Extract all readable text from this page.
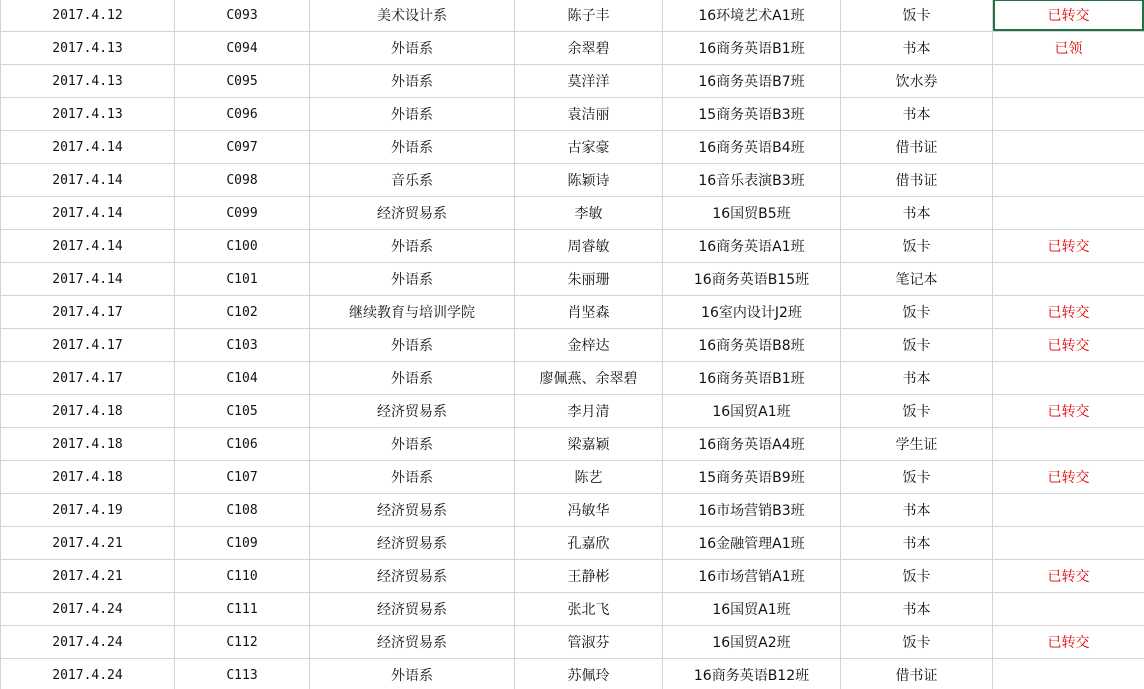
2017.4.12	C093	美术设计系	陈子丰	16环境艺术A1班	饭卡	已转交
2017.4.13	C094	外语系	余翠碧	16商务英语B1班	书本	已领
2017.4.13	C095	外语系	莫洋洋	16商务英语B7班	饮水券	
2017.4.13	C096	外语系	袁洁丽	15商务英语B3班	书本	
2017.4.14	C097	外语系	古家豪	16商务英语B4班	借书证	
2017.4.14	C098	音乐系	陈颖诗	16音乐表演B3班	借书证	
2017.4.14	C099	经济贸易系	李敏	16国贸B5班	书本	
2017.4.14	C100	外语系	周睿敏	16商务英语A1班	饭卡	已转交
2017.4.14	C101	外语系	朱丽珊	16商务英语B15班	笔记本	
2017.4.17	C102	继续教育与培训学院	肖坚森	16室内设计J2班	饭卡	已转交
2017.4.17	C103	外语系	金梓达	16商务英语B8班	饭卡	已转交
2017.4.17	C104	外语系	廖佩燕、余翠碧	16商务英语B1班	书本	
2017.4.18	C105	经济贸易系	李月清	16国贸A1班	饭卡	已转交
2017.4.18	C106	外语系	梁嘉颖	16商务英语A4班	学生证	
2017.4.18	C107	外语系	陈艺	15商务英语B9班	饭卡	已转交
2017.4.19	C108	经济贸易系	冯敏华	16市场营销B3班	书本	
2017.4.21	C109	经济贸易系	孔嘉欣	16金融管理A1班	书本	
2017.4.21	C110	经济贸易系	王静彬	16市场营销A1班	饭卡	已转交
2017.4.24	C111	经济贸易系	张北飞	16国贸A1班	书本	
2017.4.24	C112	经济贸易系	管淑芬	16国贸A2班	饭卡	已转交
2017.4.24	C113	外语系	苏佩玲	16商务英语B12班	借书证	
